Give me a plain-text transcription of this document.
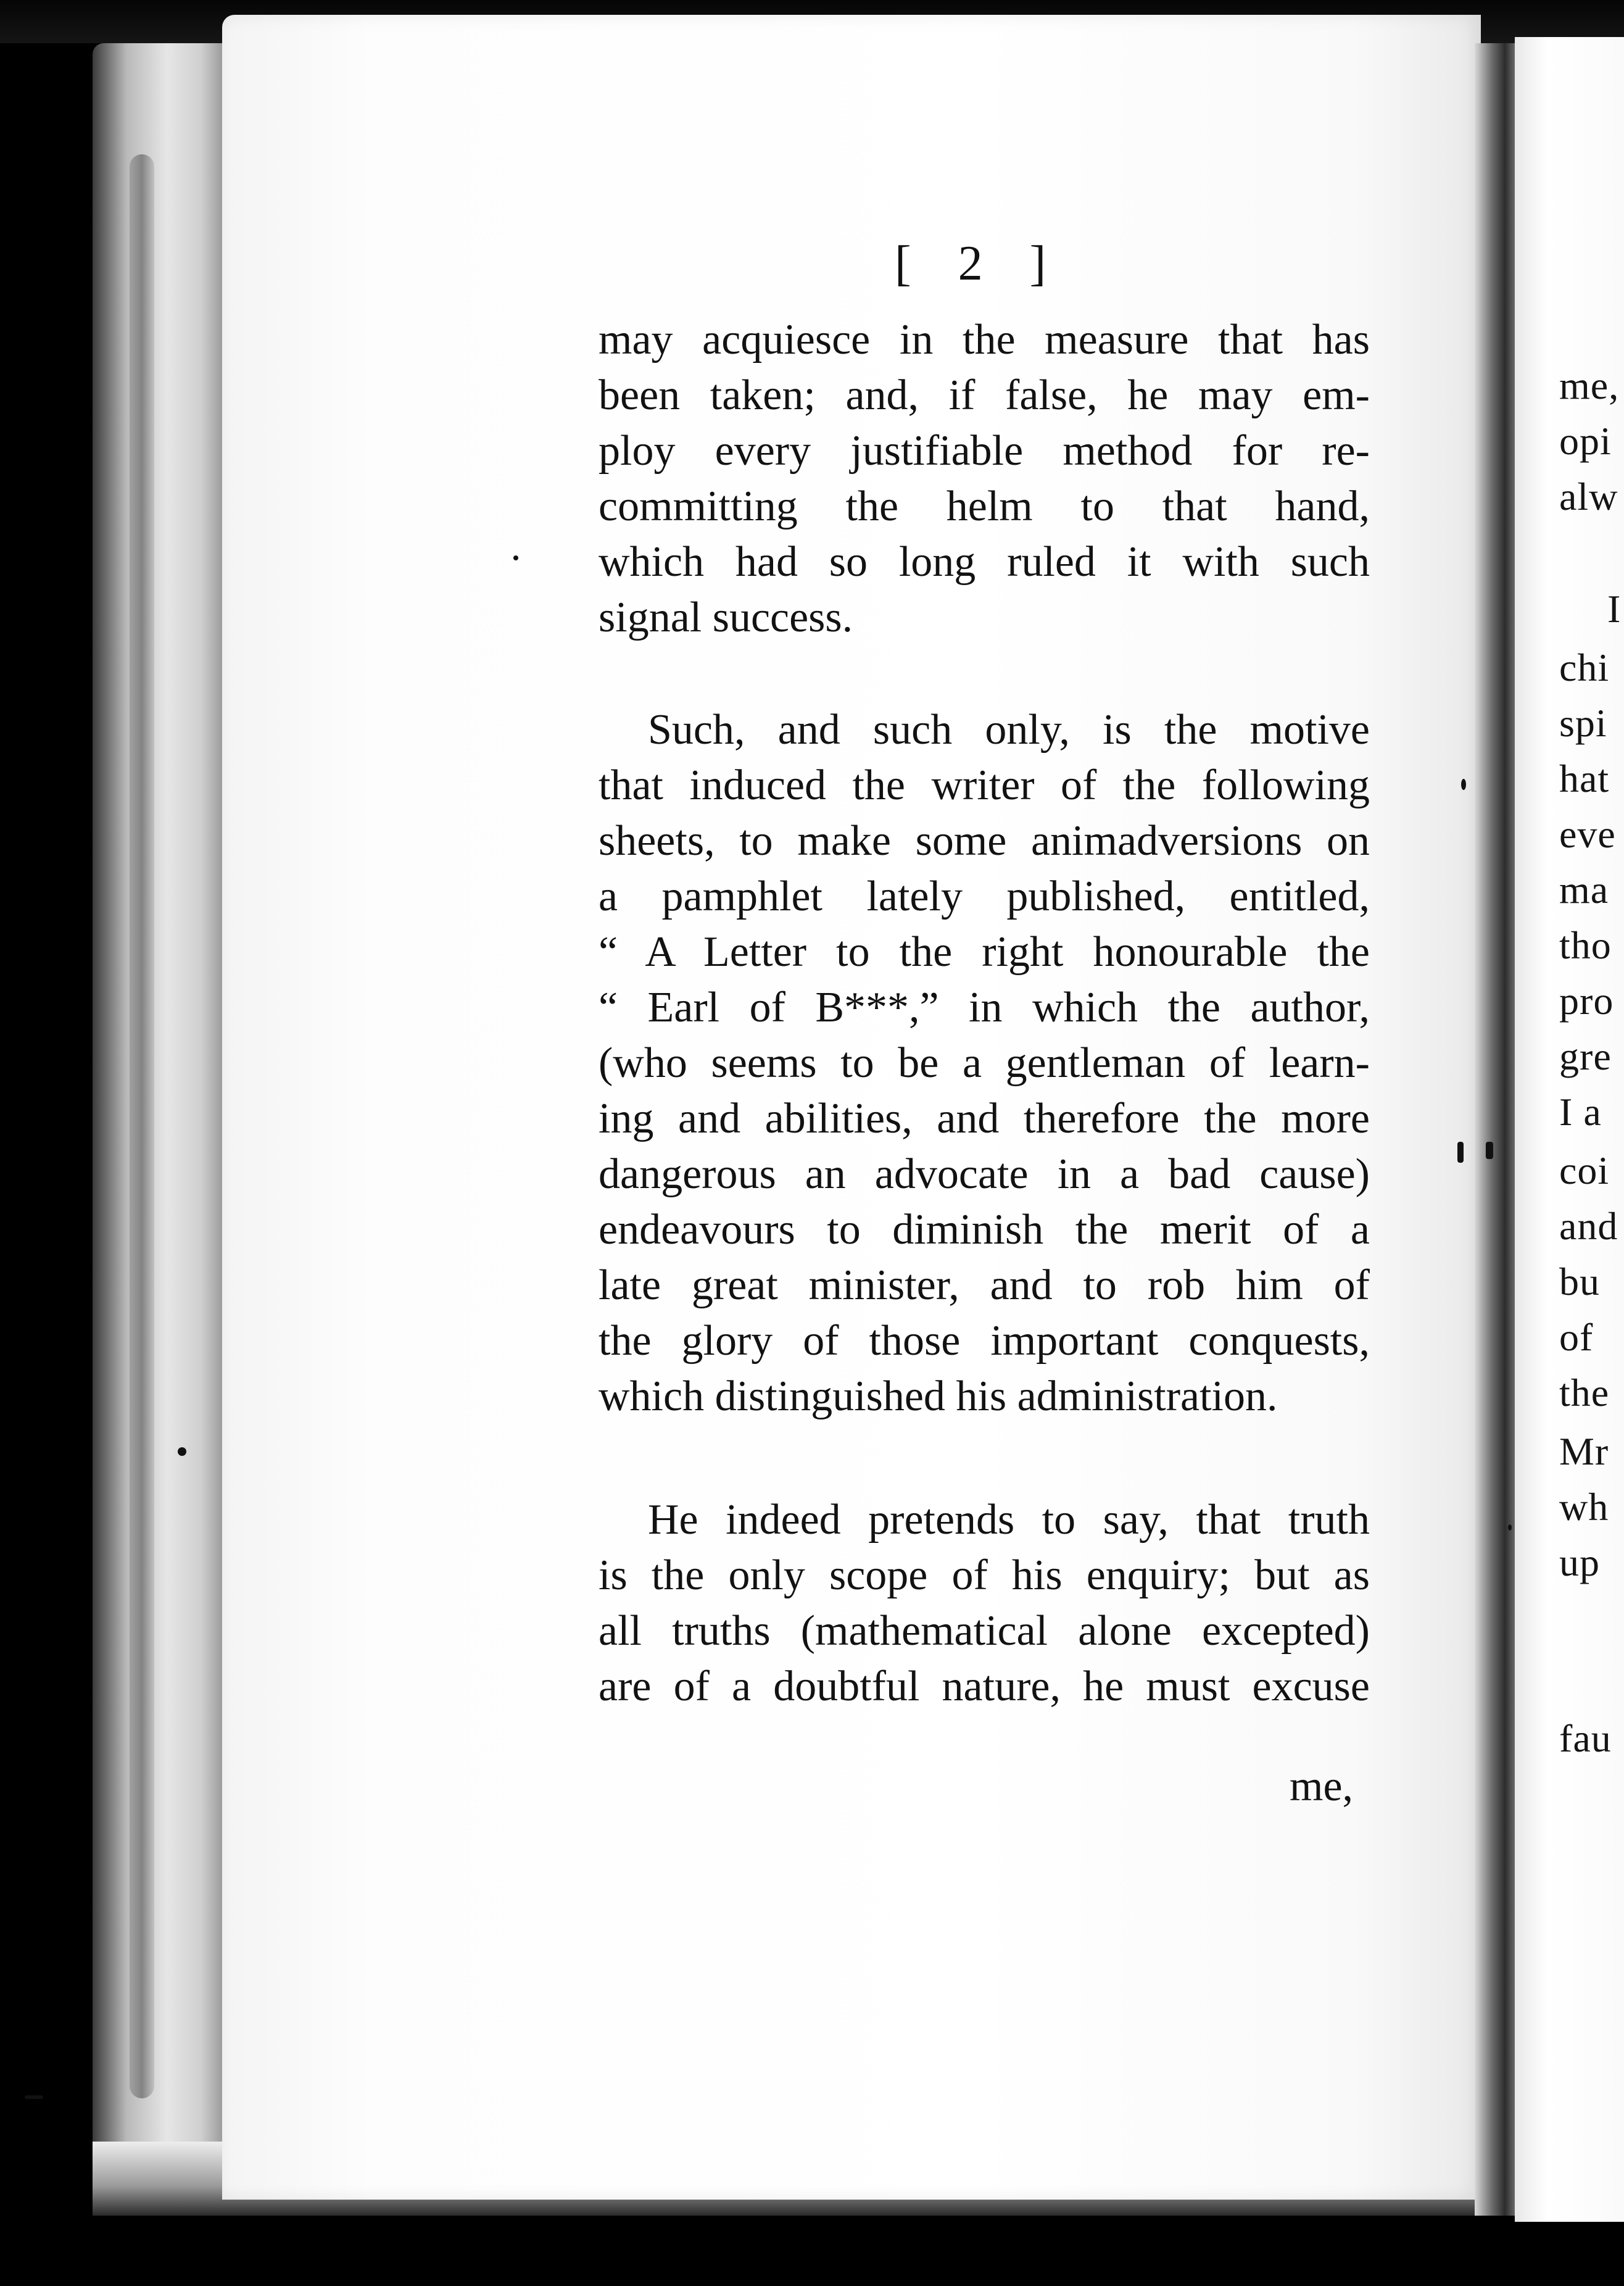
me,
opi
alw
I
chi
spi
hat
eve
ma
tho
pro
gre
I a
coi
and
bu
of
the
Mr
wh
up
fau
[ 2 ]
may acquiesce in the measure that has
been taken; and, if false, he may em-
ploy every justifiable method for re-
committing the helm to that hand,
which had so long ruled it with such
signal success.
Such, and such only, is the motive
that induced the writer of the following
sheets, to make some animadversions on
a pamphlet lately published, entitled,
“ A Letter to the right honourable the
“ Earl of B***,” in which the author,
(who seems to be a gentleman of learn-
ing and abilities, and therefore the more
dangerous an advocate in a bad cause)
endeavours to diminish the merit of a
late great minister, and to rob him of
the glory of those important conquests,
which distinguished his administration.
He indeed pretends to say, that truth
is the only scope of his enquiry; but as
all truths (mathematical alone excepted)
are of a doubtful nature, he must excuse
me,
